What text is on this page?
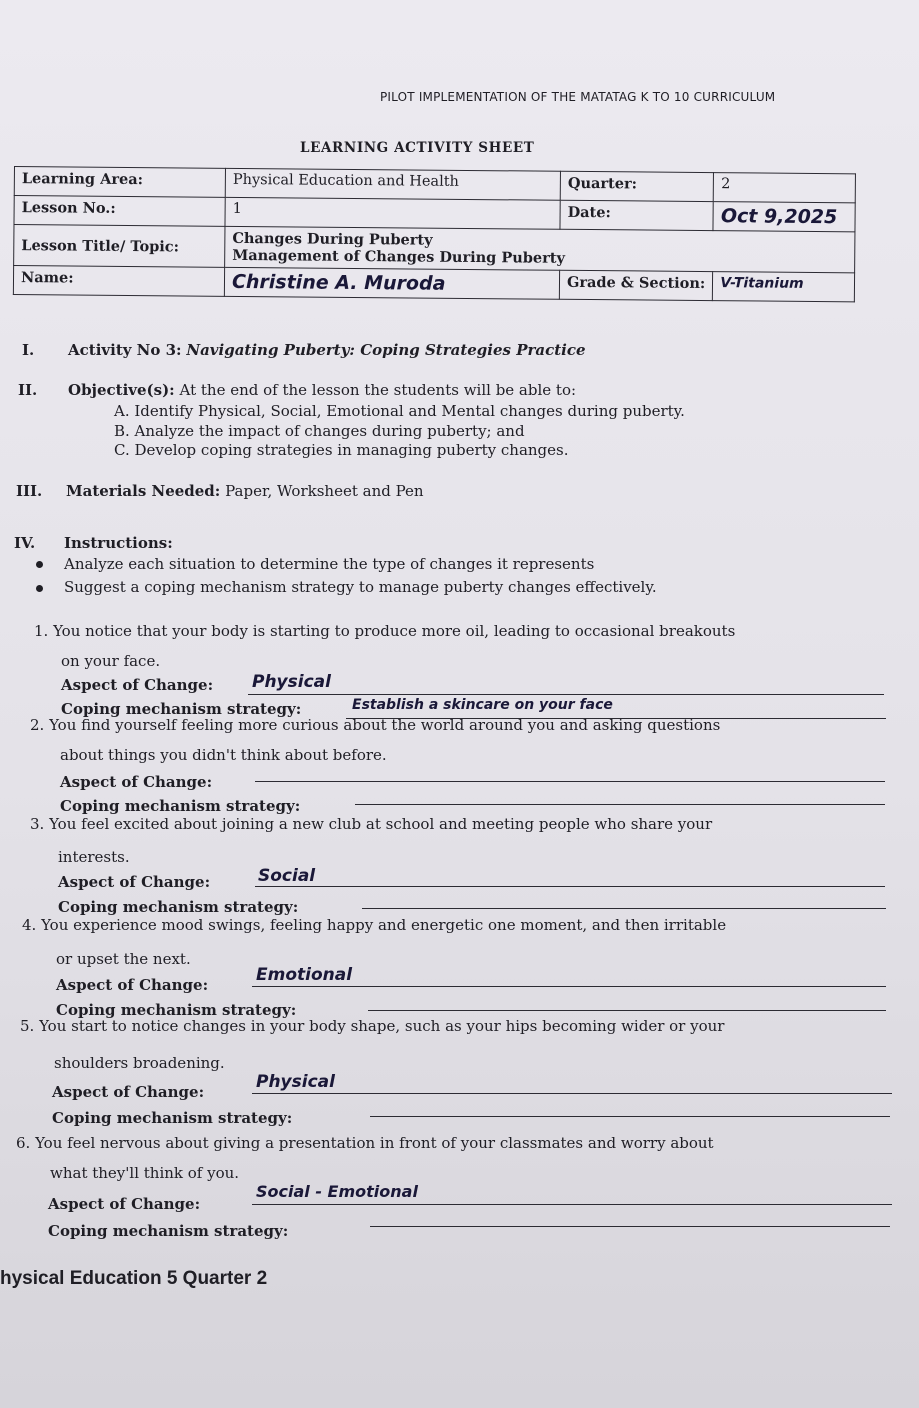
PILOT IMPLEMENTATION OF THE MATATAG K TO 10 CURRICULUM
LEARNING ACTIVITY SHEET
Learning Area:	Physical Education and Health	Quarter:	2
Lesson No.:	1	Date:	Oct 9,2025
Lesson Title/ Topic:	Changes During Puberty
Management of Changes During Puberty		

Name:	Christine A. Muroda	Grade & Section:	V-Titanium
I. Activity No 3: Navigating Puberty: Coping Strategies Practice
II. Objective(s): At the end of the lesson the students will be able to:
A. Identify Physical, Social, Emotional and Mental changes during puberty.
B. Analyze the impact of changes during puberty; and
C. Develop coping strategies in managing puberty changes.
III. Materials Needed: Paper, Worksheet and Pen
IV. Instructions:
Analyze each situation to determine the type of changes it represents
Suggest a coping mechanism strategy to manage puberty changes effectively.
1. You notice that your body is starting to produce more oil, leading to occasional breakouts
on your face.
Aspect of Change: Physical
Coping mechanism strategy:	Establish a skincare on your face
2. You find yourself feeling more curious about the world around you and asking questions
about things you didn't think about before.
Aspect of Change:
Coping mechanism strategy:
3. You feel excited about joining a new club at school and meeting people who share your
interests.
Aspect of Change:	Social
Coping mechanism strategy:
4. You experience mood swings, feeling happy and energetic one moment, and then irritable
or upset the next.
Aspect of Change:	Emotional
Coping mechanism strategy:
5. You start to notice changes in your body shape, such as your hips becoming wider or your
shoulders broadening.
Aspect of Change:	Physical
Coping mechanism strategy:
6. You feel nervous about giving a presentation in front of your classmates and worry about
what they'll think of you.
Aspect of Change:
Social - Emotional
Coping mechanism strategy:
hysical Education 5 Quarter 2
